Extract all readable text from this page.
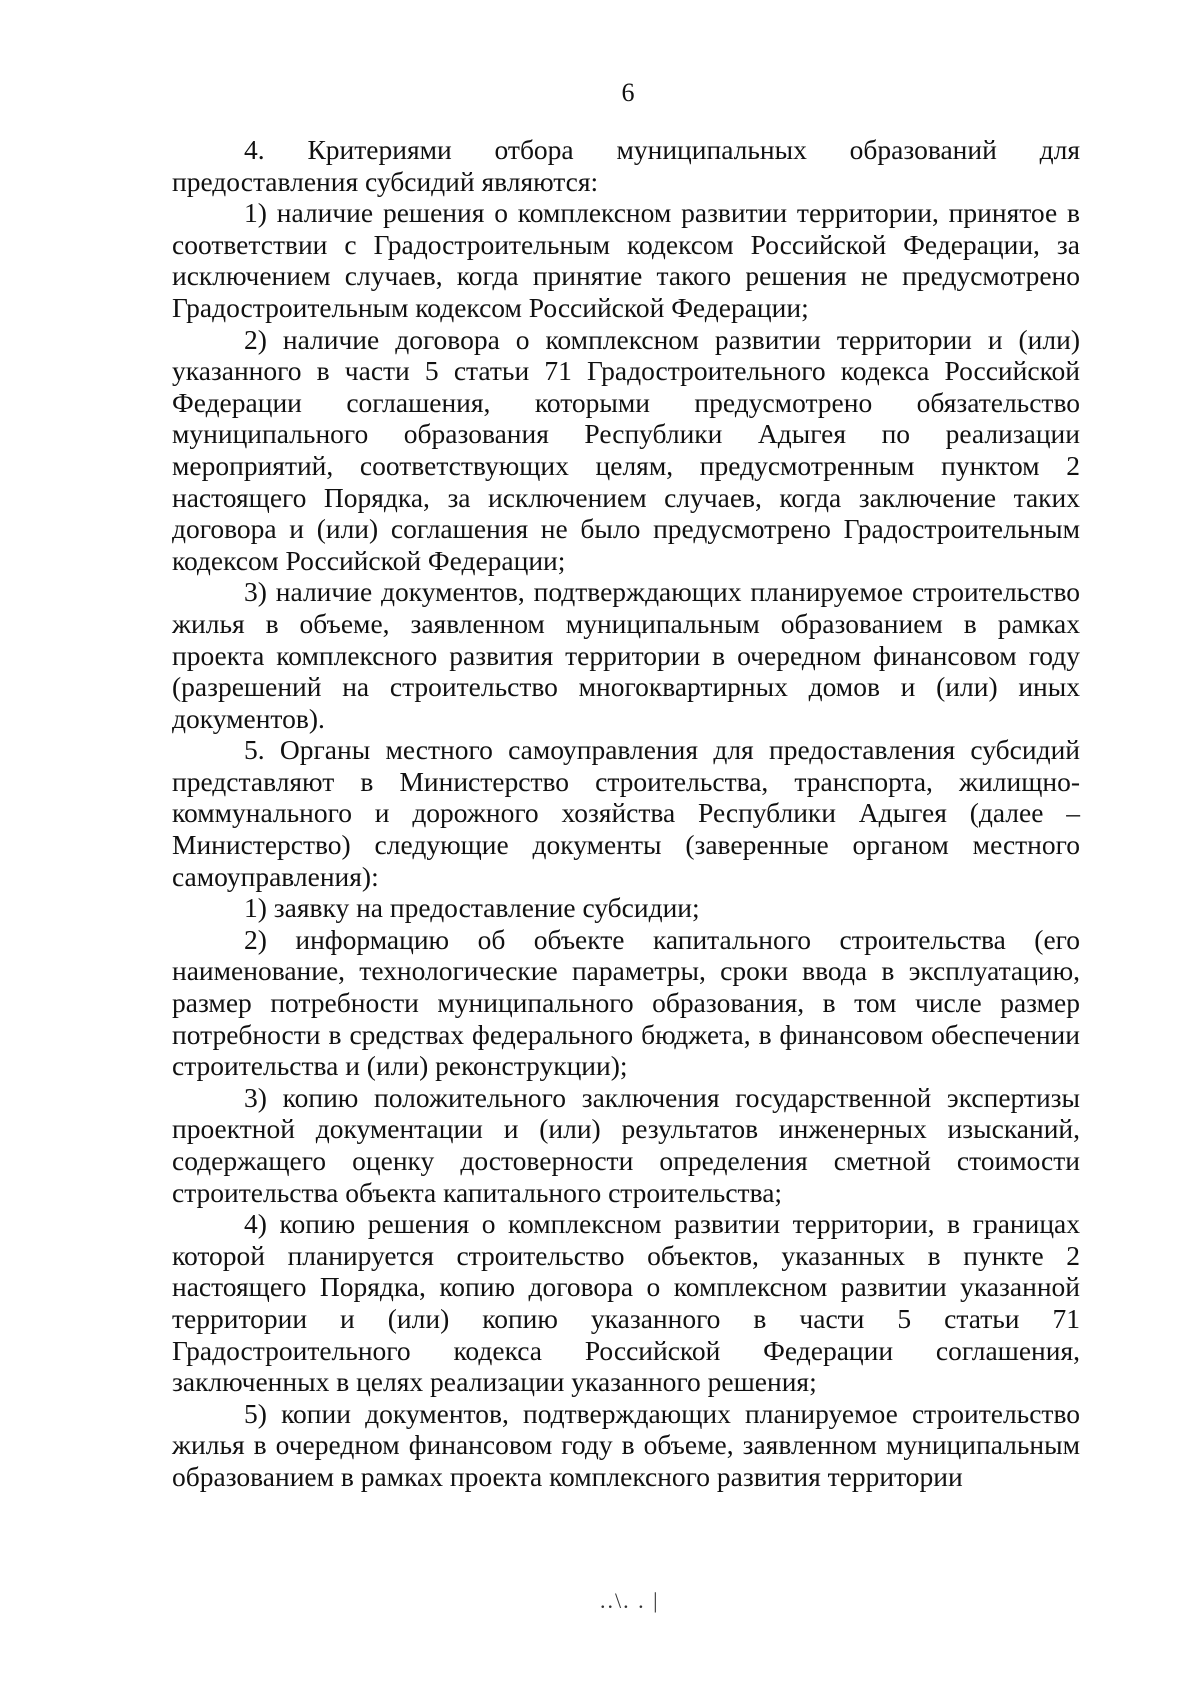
6

4. Критериями отбора муниципальных образований для предоставления субсидий являются:

1) наличие решения о комплексном развитии территории, принятое в соответствии с Градостроительным кодексом Российской Федерации, за исключением случаев, когда принятие такого решения не предусмотрено Градостроительным кодексом Российской Федерации;

2) наличие договора о комплексном развитии территории и (или) указанного в части 5 статьи 71 Градостроительного кодекса Российской Федерации соглашения, которыми предусмотрено обязательство муниципального образования Республики Адыгея по реализации мероприятий, соответствующих целям, предусмотренным пунктом 2 настоящего Порядка, за исключением случаев, когда заключение таких договора и (или) соглашения не было предусмотрено Градостроительным кодексом Российской Федерации;

3) наличие документов, подтверждающих планируемое строительство жилья в объеме, заявленном муниципальным образованием в рамках проекта комплексного развития территории в очередном финансовом году (разрешений на строительство многоквартирных домов и (или) иных документов).

5. Органы местного самоуправления для предоставления субсидий представляют в Министерство строительства, транспорта, жилищно-коммунального и дорожного хозяйства Республики Адыгея (далее – Министерство) следующие документы (заверенные органом местного самоуправления):

1) заявку на предоставление субсидии;

2) информацию об объекте капитального строительства (его наименование, технологические параметры, сроки ввода в эксплуатацию, размер потребности муниципального образования, в том числе размер потребности в средствах федерального бюджета, в финансовом обеспечении строительства и (или) реконструкции);

3) копию положительного заключения государственной экспертизы проектной документации и (или) результатов инженерных изысканий, содержащего оценку достоверности определения сметной стоимости строительства объекта капитального строительства;

4) копию решения о комплексном развитии территории, в границах которой планируется строительство объектов, указанных в пункте 2 настоящего Порядка, копию договора о комплексном развитии указанной территории и (или) копию указанного в части 5 статьи 71 Градостроительного кодекса Российской Федерации соглашения, заключенных в целях реализации указанного решения;

5) копии документов, подтверждающих планируемое строительство жилья в очередном финансовом году в объеме, заявленном муниципальным образованием в рамках проекта комплексного развития территории

..\. . |
